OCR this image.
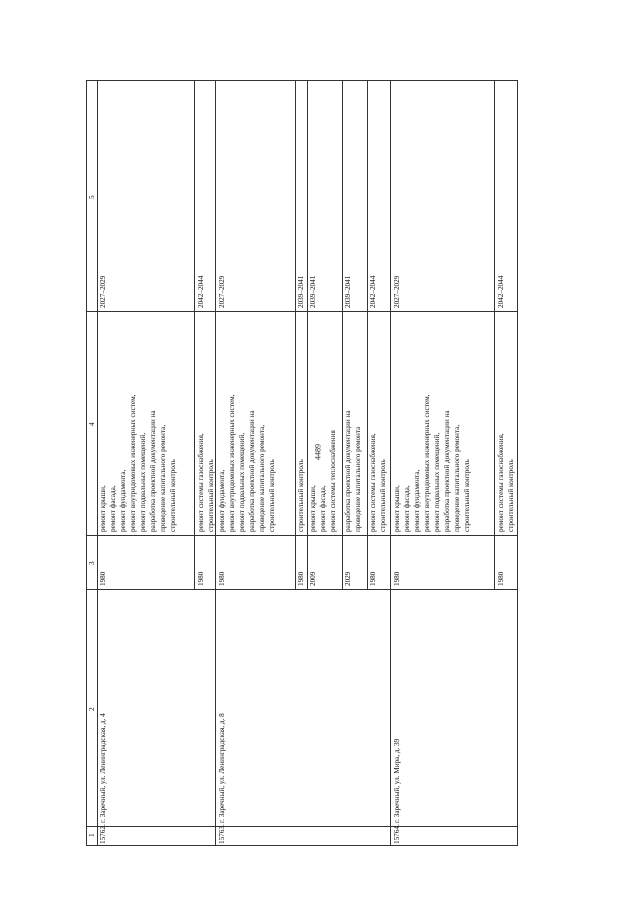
4489
1
2
3
4
5
15762.
г. Заречный, ул. Ленинградская, д. 4
1980
ремонт крыши, ремонт фасада, ремонт фундамента, ремонт внутридомовых инженерных систем, ремонт подвальных помещений, разработка проектной документации на проведение капитального ремонта, строительный контроль
2027–2029
1980
ремонт системы газоснабжения, строительный контроль
2042–2044
15763.
г. Заречный, ул. Ленинградская, д. 8
1980
ремонт фундамента, ремонт внутридомовых инженерных систем, ремонт подвальных помещений, разработка проектной документации на проведение капитального ремонта, строительный контроль
2027–2029
1980
строительный контроль
2039–2041
2009
ремонт крыши, ремонт фасада, ремонт системы теплоснабжения
2039–2041
2029
разработка проектной документации на проведение капитального ремонта
2039–2041
1980
ремонт системы газоснабжения, строительный контроль
2042–2044
15764.
г. Заречный, ул. Мира, д. 39
1980
ремонт крыши, ремонт фасада, ремонт фундамента, ремонт внутридомовых инженерных систем, ремонт подвальных помещений, разработка проектной документации на проведение капитального ремонта, строительный контроль
2027–2029
1980
ремонт системы газоснабжения, строительный контроль
2042–2044
